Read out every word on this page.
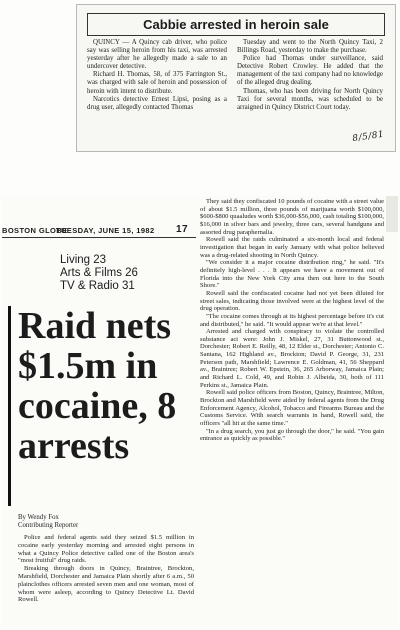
Cabbie arrested in heroin sale

QUINCY — A Quincy cab driver, who police say was selling heroin from his taxi, was arrested yesterday after he allegedly made a sale to an undercover detective.

Richard H. Thomas, 58, of 375 Farrington St., was charged with sale of heroin and possession of heroin with intent to distribute.

Narcotics detective Ernest Lipsi, posing as a drug user, allegedly contacted Thomas

Tuesday and went to the North Quincy Taxi, 2 Billings Road, yesterday to make the purchase.

Police had Thomas under surveillance, said Detective Robert Crowley. He added that the management of the taxi company had no knowledge of the alleged drug dealing.

Thomas, who has been driving for North Quincy Taxi for several months, was scheduled to be arraigned in Quincy District Court today.

8/5/81
BOSTON GLOBE
TUESDAY, JUNE 15, 1982 17
Living 23
Arts & Films 26
TV & Radio 31
Raid nets $1.5m in cocaine, 8 arrests
By Wendy Fox
Contributing Reporter

Police and federal agents said they seized $1.5 million in cocaine early yesterday morning and arrested eight persons in what a Quincy Police detective called one of the Boston area's "most fruitful" drug raids.

Breaking through doors in Quincy, Braintree, Brockton, Marshfield, Dorchester and Jamaica Plain shortly after 6 a.m., 50 plainclothes officers arrested seven men and one woman, most of whom were asleep, according to Quincy Detective Lt. David Rowell.

They said they confiscated 10 pounds of cocaine with a street value of about $1.5 million, three pounds of marijuana worth $100,000, $600-$800 quaaludes worth $36,000-$56,000, cash totaling $100,000, $16,000 in silver bars and jewelry, three cars, several handguns and assorted drug paraphernalia.

Rowell said the raids culminated a six-month local and federal investigation that began in early January with what police believed was a drug-related shooting in North Quincy.

"We consider it a major cocaine distribution ring," he said. "It's definitely high-level . . . It appears we have a movement out of Florida into the New York City area then out here to the South Shore."

Rowell said the confiscated cocaine had not yet been diluted for street sales, indicating those involved were at the highest level of the drug operation.

"The cocaine comes through at its highest percentage before it's cut and distributed," he said. "It would appear we're at that level."

Arrested and charged with conspiracy to violate the controlled substance act were: John J. Miskel, 27, 31 Buttonwood st., Dorchester; Robert E. Reilly, 48, 12 Elder st., Dorchester; Antonio C. Santana, 162 Highland av., Brockton; David P. George, 31, 231 Peterson path, Marshfield; Lawrence E. Goldman, 41, 56 Sheppard av., Braintree; Robert W. Epstein, 36, 265 Arborway, Jamaica Plain; and Richard L. Cold, 49, and Robin J. Albeida, 30, both of 111 Perkins st., Jamaica Plain.

Rowell said police officers from Boston, Quincy, Braintree, Milton, Brockton and Marshfield were aided by federal agents from the Drug Enforcement Agency, Alcohol, Tobacco and Firearms Bureau and the Customs Service. With search warrants in hand, Rowell said, the officers "all hit at the same time."

"In a drug search, you just go through the door," he said. "You gain entrance as quickly as possible."
